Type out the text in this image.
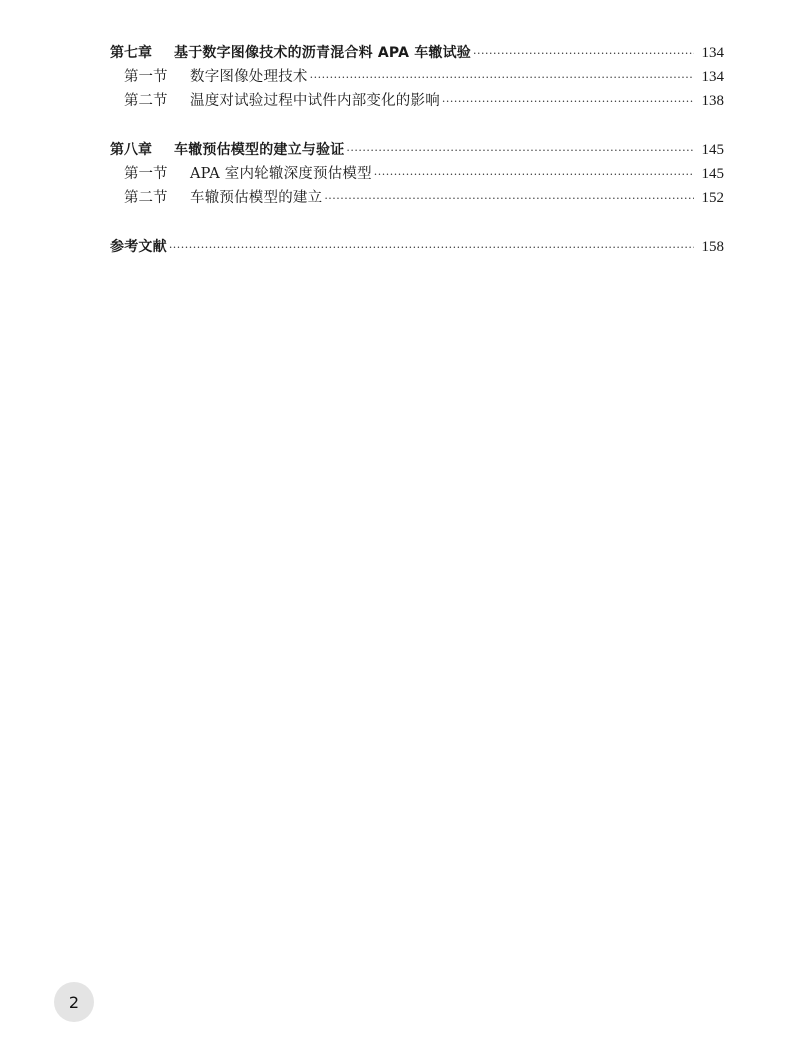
第七章 基于数字图像技术的沥青混合料 APA 车辙试验 ·····	134
第一节 数字图像处理技术 ·····	134
第二节 温度对试验过程中试件内部变化的影响 ·····	138
第八章 车辙预估模型的建立与验证 ·····	145
第一节 APA 室内轮辙深度预估模型 ·····	145
第二节 车辙预估模型的建立 ·····	152
参考文献 ·····	158
2
